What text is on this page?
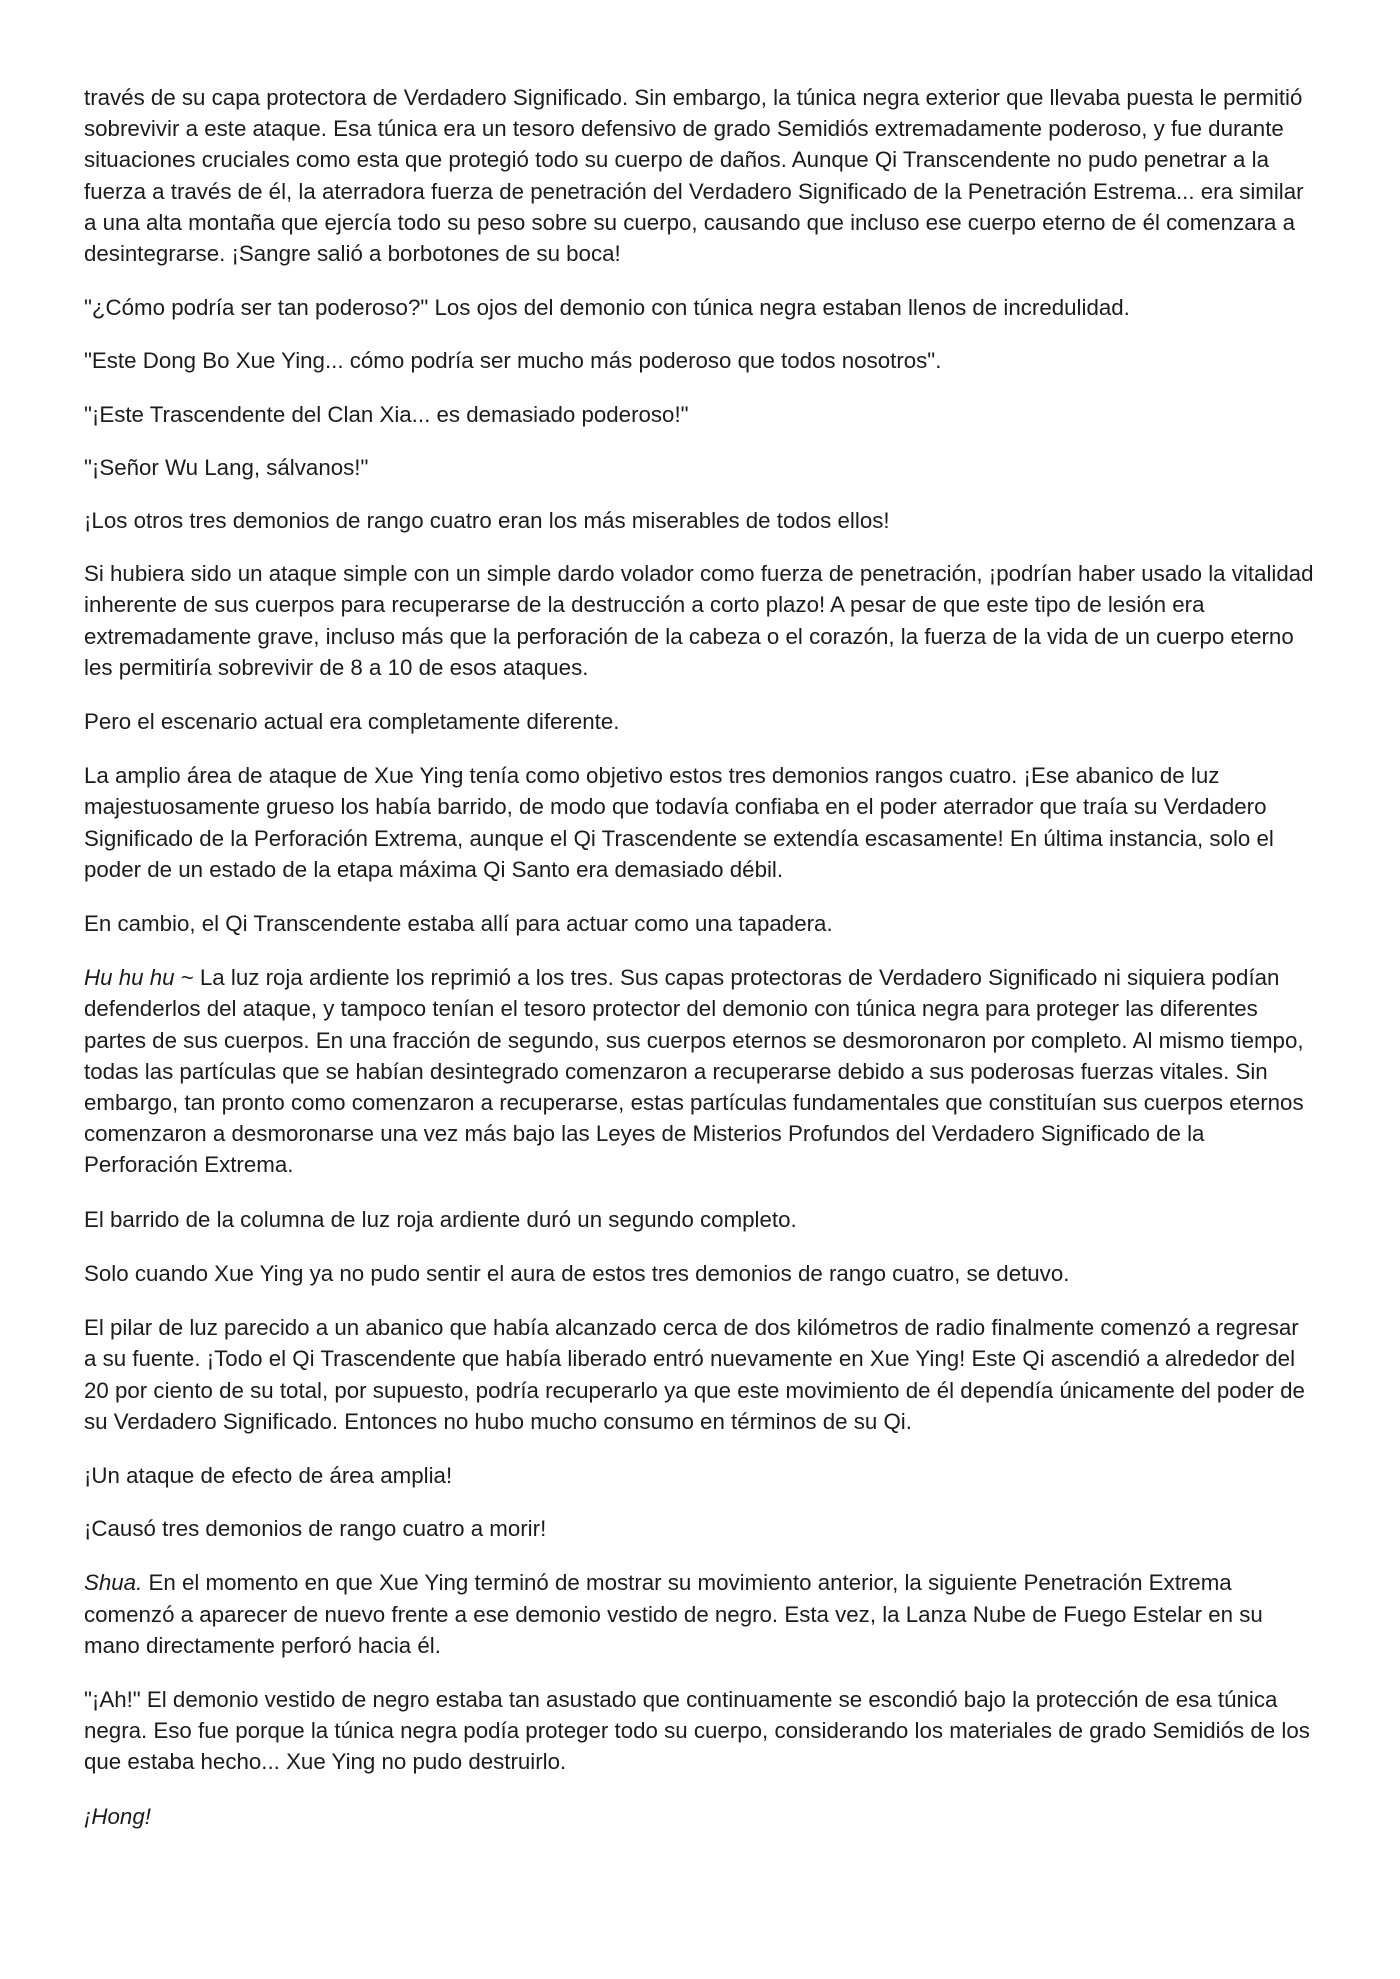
través de su capa protectora de Verdadero Significado. Sin embargo, la túnica negra exterior que llevaba puesta le permitió sobrevivir a este ataque. Esa túnica era un tesoro defensivo de grado Semidiós extremadamente poderoso, y fue durante situaciones cruciales como esta que protegió todo su cuerpo de daños. Aunque Qi Transcendente no pudo penetrar a la fuerza a través de él, la aterradora fuerza de penetración del Verdadero Significado de la Penetración Estrema... era similar a una alta montaña que ejercía todo su peso sobre su cuerpo, causando que incluso ese cuerpo eterno de él comenzara a desintegrarse. ¡Sangre salió a borbotones de su boca!

"¿Cómo podría ser tan poderoso?" Los ojos del demonio con túnica negra estaban llenos de incredulidad.

"Este Dong Bo Xue Ying... cómo podría ser mucho más poderoso que todos nosotros".

"¡Este Trascendente del Clan Xia... es demasiado poderoso!"

"¡Señor Wu Lang, sálvanos!"

¡Los otros tres demonios de rango cuatro eran los más miserables de todos ellos!

Si hubiera sido un ataque simple con un simple dardo volador como fuerza de penetración, ¡podrían haber usado la vitalidad inherente de sus cuerpos para recuperarse de la destrucción a corto plazo! A pesar de que este tipo de lesión era extremadamente grave, incluso más que la perforación de la cabeza o el corazón, la fuerza de la vida de un cuerpo eterno les permitiría sobrevivir de 8 a 10 de esos ataques.

Pero el escenario actual era completamente diferente.

La amplio área de ataque de Xue Ying tenía como objetivo estos tres demonios rangos cuatro. ¡Ese abanico de luz majestuosamente grueso los había barrido, de modo que todavía confiaba en el poder aterrador que traía su Verdadero Significado de la Perforación Extrema, aunque el Qi Trascendente se extendía escasamente! En última instancia, solo el poder de un estado de la etapa máxima Qi Santo era demasiado débil.

En cambio, el Qi Transcendente estaba allí para actuar como una tapadera.

Hu hu hu ~ La luz roja ardiente los reprimió a los tres. Sus capas protectoras de Verdadero Significado ni siquiera podían defenderlos del ataque, y tampoco tenían el tesoro protector del demonio con túnica negra para proteger las diferentes partes de sus cuerpos. En una fracción de segundo, sus cuerpos eternos se desmoronaron por completo. Al mismo tiempo, todas las partículas que se habían desintegrado comenzaron a recuperarse debido a sus poderosas fuerzas vitales. Sin embargo, tan pronto como comenzaron a recuperarse, estas partículas fundamentales que constituían sus cuerpos eternos comenzaron a desmoronarse una vez más bajo las Leyes de Misterios Profundos del Verdadero Significado de la Perforación Extrema.

El barrido de la columna de luz roja ardiente duró un segundo completo.

Solo cuando Xue Ying ya no pudo sentir el aura de estos tres demonios de rango cuatro, se detuvo.

El pilar de luz parecido a un abanico que había alcanzado cerca de dos kilómetros de radio finalmente comenzó a regresar a su fuente. ¡Todo el Qi Trascendente que había liberado entró nuevamente en Xue Ying! Este Qi ascendió a alrededor del 20 por ciento de su total, por supuesto, podría recuperarlo ya que este movimiento de él dependía únicamente del poder de su Verdadero Significado. Entonces no hubo mucho consumo en términos de su Qi.

¡Un ataque de efecto de área amplia!

¡Causó tres demonios de rango cuatro a morir!

Shua. En el momento en que Xue Ying terminó de mostrar su movimiento anterior, la siguiente Penetración Extrema comenzó a aparecer de nuevo frente a ese demonio vestido de negro. Esta vez, la Lanza Nube de Fuego Estelar en su mano directamente perforó hacia él.

"¡Ah!" El demonio vestido de negro estaba tan asustado que continuamente se escondió bajo la protección de esa túnica negra. Eso fue porque la túnica negra podía proteger todo su cuerpo, considerando los materiales de grado Semidiós de los que estaba hecho... Xue Ying no pudo destruirlo.

¡Hong!
